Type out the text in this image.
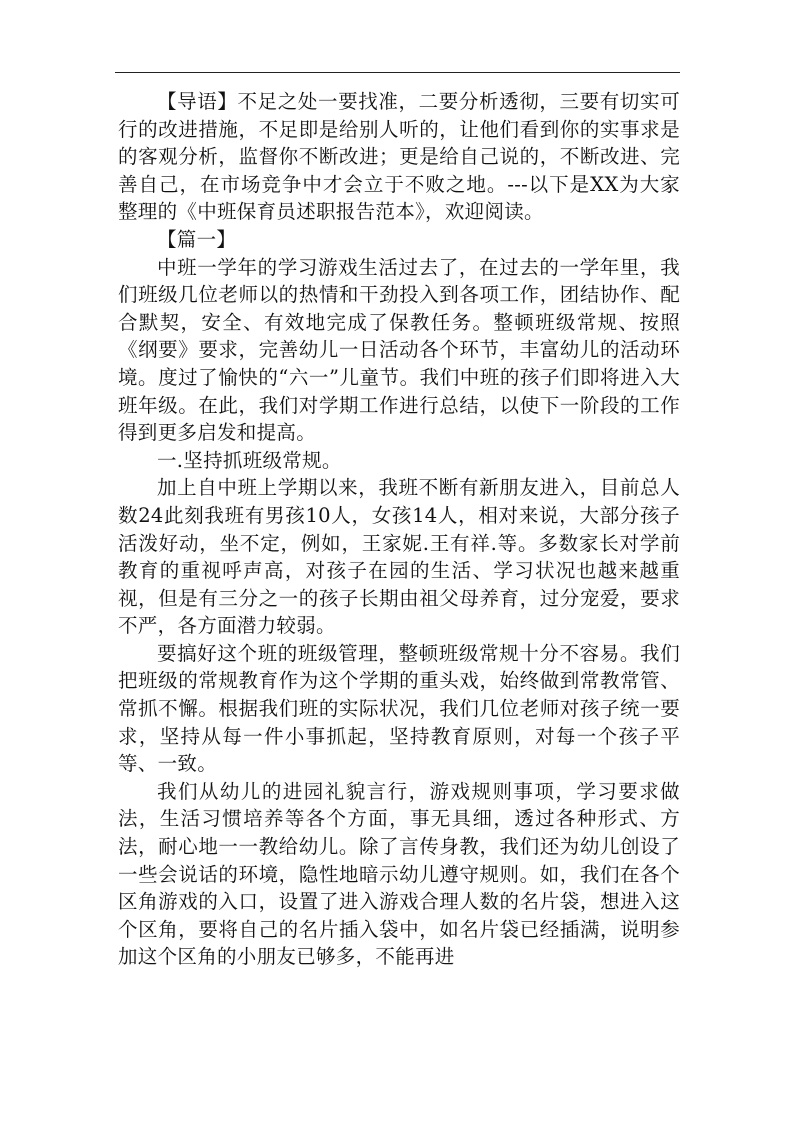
【导语】不足之处一要找准，二要分析透彻，三要有切实可行的改进措施，不足即是给别人听的，让他们看到你的实事求是的客观分析，监督你不断改进；更是给自己说的，不断改进、完善自己，在市场竞争中才会立于不败之地。---以下是XX为大家整理的《中班保育员述职报告范本》，欢迎阅读。

【篇一】

中班一学年的学习游戏生活过去了，在过去的一学年里，我们班级几位老师以的热情和干劲投入到各项工作，团结协作、配合默契，安全、有效地完成了保教任务。整顿班级常规、按照《纲要》要求，完善幼儿一日活动各个环节，丰富幼儿的活动环境。度过了愉快的“六一”儿童节。我们中班的孩子们即将进入大班年级。在此，我们对学期工作进行总结，以使下一阶段的工作得到更多启发和提高。

一.坚持抓班级常规。

加上自中班上学期以来，我班不断有新朋友进入，目前总人数24此刻我班有男孩10人，女孩14人，相对来说，大部分孩子活泼好动，坐不定，例如，王家妮.王有祥.等。多数家长对学前教育的重视呼声高，对孩子在园的生活、学习状况也越来越重视，但是有三分之一的孩子长期由祖父母养育，过分宠爱，要求不严，各方面潜力较弱。

要搞好这个班的班级管理，整顿班级常规十分不容易。我们把班级的常规教育作为这个学期的重头戏，始终做到常教常管、常抓不懈。根据我们班的实际状况，我们几位老师对孩子统一要求，坚持从每一件小事抓起，坚持教育原则，对每一个孩子平等、一致。

我们从幼儿的进园礼貌言行，游戏规则事项，学习要求做法，生活习惯培养等各个方面，事无具细，透过各种形式、方法，耐心地一一教给幼儿。除了言传身教，我们还为幼儿创设了一些会说话的环境，隐性地暗示幼儿遵守规则。如，我们在各个区角游戏的入口，设置了进入游戏合理人数的名片袋，想进入这个区角，要将自己的名片插入袋中，如名片袋已经插满，说明参加这个区角的小朋友已够多，不能再进
